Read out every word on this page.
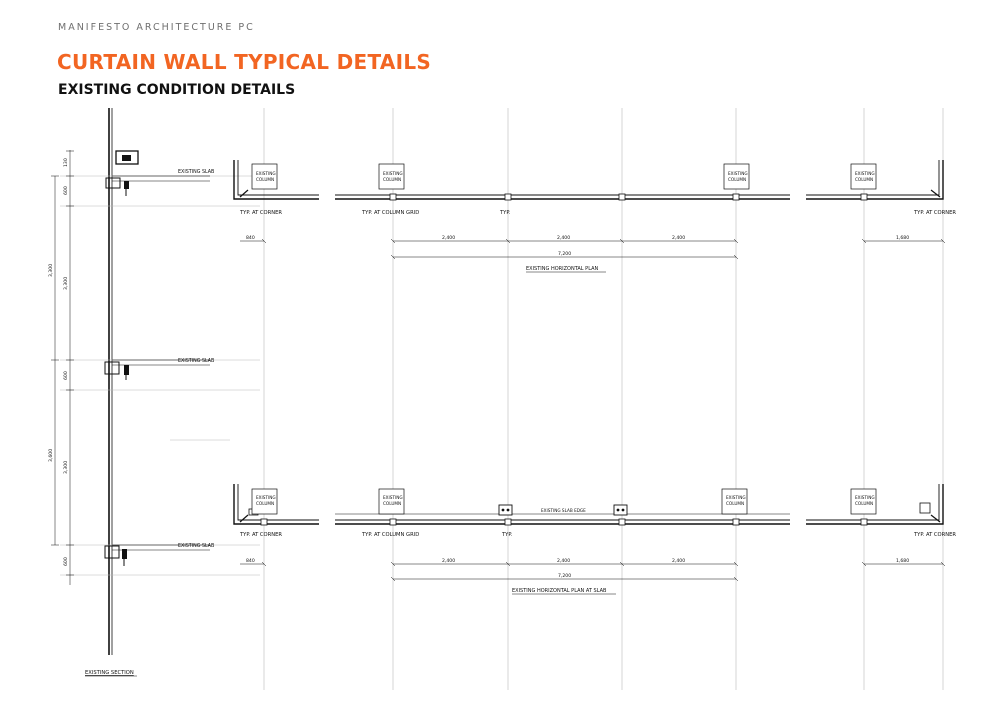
MANIFESTO ARCHITECTURE PC
CURTAIN WALL TYPICAL DETAILS
EXISTING CONDITION DETAILS
EXISTING SLAB
EXISTING SLAB
EXISTING SLAB
130
600
3,300
3,300
600
3,300
3,600
600
EXISTING SECTION
EXISTING
COLUMN
EXISTING
COLUMN
EXISTING
COLUMN
EXISTING
COLUMN
TYP. AT CORNER	TYP. AT COLUMN GRID	TYP.	TYP. AT CORNER
840	2,400	2,400	2,400
7,200
1,680
EXISTING HORIZONTAL PLAN
EXISTING
COLUMN
EXISTING
COLUMN
EXISTING
COLUMN
EXISTING SLAB EDGE
EXISTING
COLUMN
TYP. AT CORNER	TYP. AT COLUMN GRID	TYP.	TYP. AT CORNER
840	2,400	2,400	2,400
7,200
1,680
EXISTING HORIZONTAL PLAN AT SLAB
